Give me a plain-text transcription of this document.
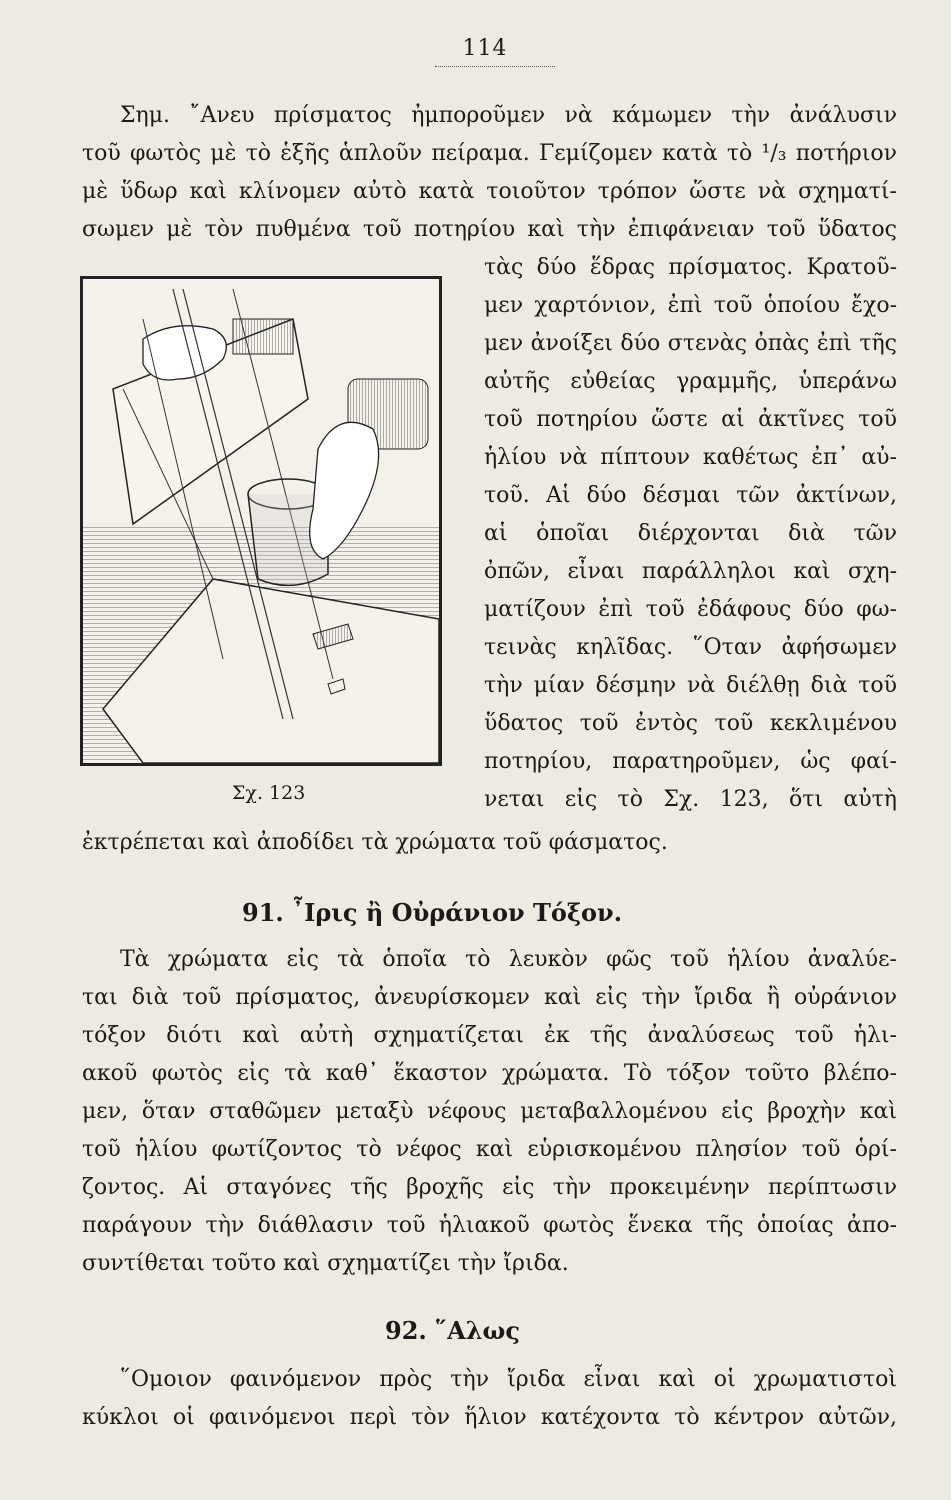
114
Σημ. ῎Ανευ πρίσματος ἠμποροῦμεν νὰ κάμωμεν τὴν ἀνάλυσιν
τοῦ φωτὸς μὲ τὸ ἑξῆς ἁπλοῦν πείραμα. Γεμίζομεν κατὰ τὸ ¹/₃ ποτήριον
μὲ ὕδωρ καὶ κλίνομεν αὐτὸ κατὰ τοιοῦτον τρόπον ὥστε νὰ σχηματί-
σωμεν μὲ τὸν πυθμένα τοῦ ποτηρίου καὶ τὴν ἐπιφάνειαν τοῦ ὕδατος
Σχ. 123
τὰς δύο ἕδρας πρίσματος. Κρατοῦ-
μεν χαρτόνιον, ἐπὶ τοῦ ὁποίου ἔχο-
μεν ἀνοίξει δύο στενὰς ὀπὰς ἐπὶ τῆς
αὐτῆς εὐθείας γραμμῆς, ὑπεράνω
τοῦ ποτηρίου ὥστε αἱ ἀκτῖνες τοῦ
ἡλίου νὰ πίπτουν καθέτως ἐπ᾿ αὐ-
τοῦ. Αἱ δύο δέσμαι τῶν ἀκτίνων,
αἱ ὁποῖαι διέρχονται διὰ τῶν
ὀπῶν, εἶναι παράλληλοι καὶ σχη-
ματίζουν ἐπὶ τοῦ ἐδάφους δύο φω-
τεινὰς κηλῖδας. ῞Οταν ἀφήσωμεν
τὴν μίαν δέσμην νὰ διέλθῃ διὰ τοῦ
ὕδατος τοῦ ἐντὸς τοῦ κεκλιμένου
ποτηρίου, παρατηροῦμεν, ὡς φαί-
νεται εἰς τὸ Σχ. 123, ὅτι αὐτὴ
ἐκτρέπεται καὶ ἀποδίδει τὰ χρώματα τοῦ φάσματος.
91. ῏Ιρις ἢ Οὐράνιον Τόξον.
Τὰ χρώματα εἰς τὰ ὁποῖα τὸ λευκὸν φῶς τοῦ ἡλίου ἀναλύε-
ται διὰ τοῦ πρίσματος, ἀνευρίσκομεν καὶ εἰς τὴν ἴριδα ἢ οὐράνιον
τόξον διότι καὶ αὐτὴ σχηματίζεται ἐκ τῆς ἀναλύσεως τοῦ ἡλι-
ακοῦ φωτὸς εἰς τὰ καθ᾿ ἕκαστον χρώματα. Τὸ τόξον τοῦτο βλέπο-
μεν, ὅταν σταθῶμεν μεταξὺ νέφους μεταβαλλομένου εἰς βροχὴν καὶ
τοῦ ἡλίου φωτίζοντος τὸ νέφος καὶ εὑρισκομένου πλησίον τοῦ ὁρί-
ζοντος. Αἱ σταγόνες τῆς βροχῆς εἰς τὴν προκειμένην περίπτωσιν
παράγουν τὴν διάθλασιν τοῦ ἡλιακοῦ φωτὸς ἕνεκα τῆς ὁποίας ἀπο-
συντίθεται τοῦτο καὶ σχηματίζει τὴν ἴριδα.
92. ῞Αλως
῞Ομοιον φαινόμενον πρὸς τὴν ἴριδα εἶναι καὶ οἱ χρωματιστοὶ
κύκλοι οἱ φαινόμενοι περὶ τὸν ἥλιον κατέχοντα τὸ κέντρον αὐτῶν,
